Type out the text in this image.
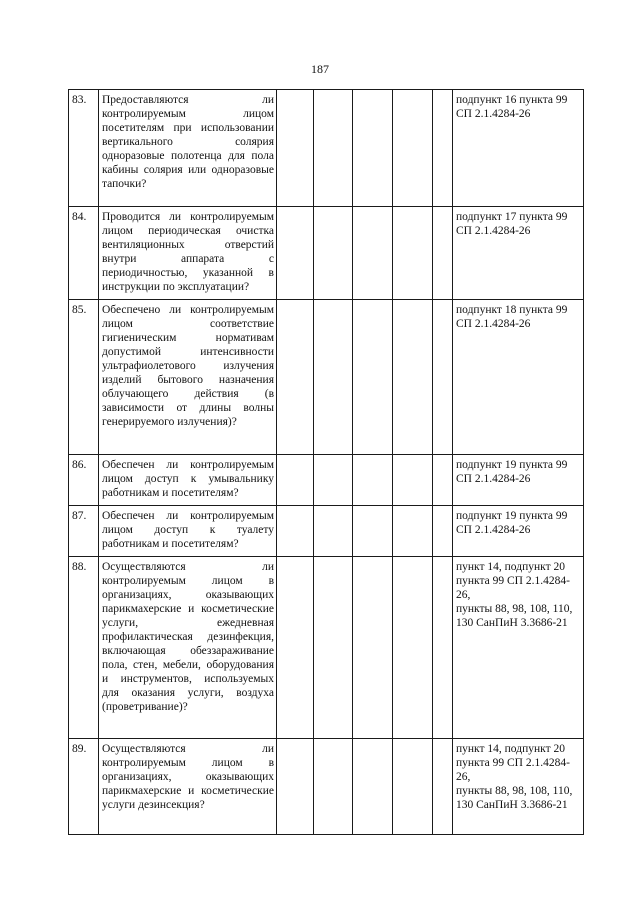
187
83.	Предоставляются ли контролируемым лицом посетителям при использовании вертикального солярия одноразовые полотенца для пола кабины солярия или одноразовые тапочки?						подпункт 16 пункта 99 СП 2.1.4284-26
84.	Проводится ли контролируемым лицом периодическая очистка вентиляционных отверстий внутри аппарата с периодичностью, указанной в инструкции по эксплуатации?						подпункт 17 пункта 99 СП 2.1.4284-26
85.	Обеспечено ли контролируемым лицом соответствие гигиеническим нормативам допустимой интенсивности ультрафиолетового излучения изделий бытового назначения облучающего действия (в зависимости от длины волны генерируемого излучения)?						подпункт 18 пункта 99 СП 2.1.4284-26
86.	Обеспечен ли контролируемым лицом доступ к умывальнику работникам и посетителям?						подпункт 19 пункта 99 СП 2.1.4284-26
87.	Обеспечен ли контролируемым лицом доступ к туалету работникам и посетителям?						подпункт 19 пункта 99 СП 2.1.4284-26
88.	Осуществляются ли контролируемым лицом в организациях, оказывающих парикмахерские и косметические услуги, ежедневная профилактическая дезинфекция, включающая обеззараживание пола, стен, мебели, оборудования и инструментов, используемых для оказания услуги, воздуха (проветривание)?						пункт 14, подпункт 20 пункта 99 СП 2.1.4284-26,
пункты 88, 98, 108, 110, 130 СанПиН 3.3686-21
89.	Осуществляются ли контролируемым лицом в организациях, оказывающих парикмахерские и косметические услуги дезинсекция?						пункт 14, подпункт 20 пункта 99 СП 2.1.4284-26,
пункты 88, 98, 108, 110, 130 СанПиН 3.3686-21
